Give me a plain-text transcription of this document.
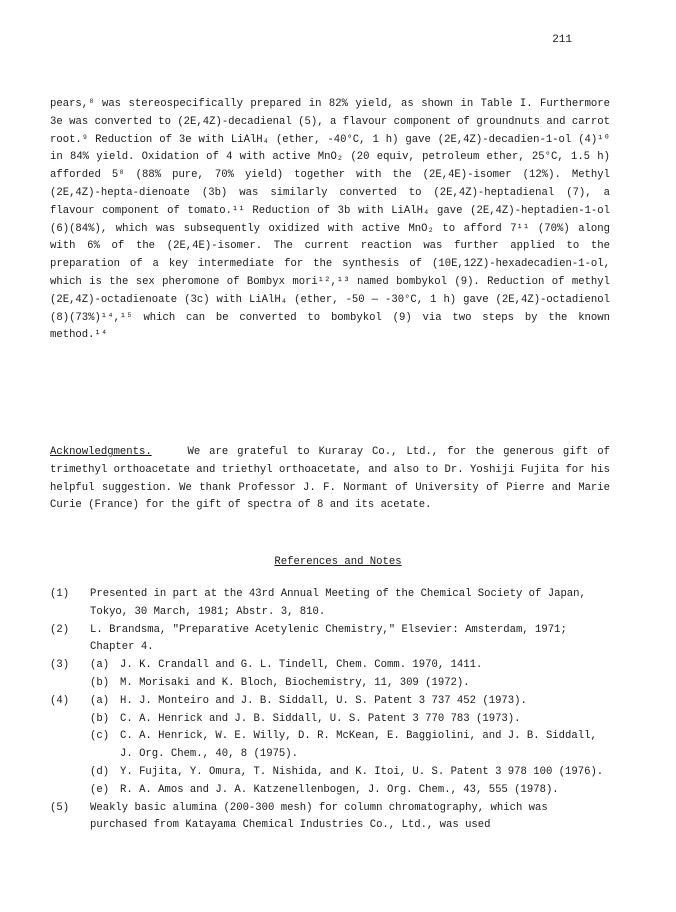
211

pears,⁸ was stereospecifically prepared in 82% yield, as shown in Table I. Furthermore 3e was converted to (2E,4Z)-decadienal (5), a flavour component of groundnuts and carrot root.⁹ Reduction of 3e with LiAlH₄ (ether, -40°C, 1 h) gave (2E,4Z)-decadien-1-ol (4)¹⁰ in 84% yield. Oxidation of 4 with active MnO₂ (20 equiv, petroleum ether, 25°C, 1.5 h) afforded 5⁸ (88% pure, 70% yield) together with the (2E,4E)-isomer (12%). Methyl (2E,4Z)-hepta-dienoate (3b) was similarly converted to (2E,4Z)-heptadienal (7), a flavour component of tomato.¹¹ Reduction of 3b with LiAlH₄ gave (2E,4Z)-heptadien-1-ol (6)(84%), which was subsequently oxidized with active MnO₂ to afford 7¹¹ (70%) along with 6% of the (2E,4E)-isomer. The current reaction was further applied to the preparation of a key intermediate for the synthesis of (10E,12Z)-hexadecadien-1-ol, which is the sex pheromone of Bombyx mori¹²,¹³ named bombykol (9). Reduction of methyl (2E,4Z)-octadienoate (3c) with LiAlH₄ (ether, -50 — -30°C, 1 h) gave (2E,4Z)-octadienol (8)(73%)¹⁴,¹⁵ which can be converted to bombykol (9) via two steps by the known method.¹⁴

Acknowledgments.	We are grateful to Kuraray Co., Ltd., for the generous gift of trimethyl orthoacetate and triethyl orthoacetate, and also to Dr. Yoshiji Fujita for his helpful suggestion. We thank Professor J. F. Normant of University of Pierre and Marie Curie (France) for the gift of spectra of 8 and its acetate.

References and Notes
(1)	Presented in part at the 43rd Annual Meeting of the Chemical Society of Japan, Tokyo, 30 March, 1981; Abstr. 3, 810.
(2)	L. Brandsma, "Preparative Acetylenic Chemistry," Elsevier: Amsterdam, 1971; Chapter 4.
(3)	(a)	J. K. Crandall and G. L. Tindell, Chem. Comm. 1970, 1411.
(b)	M. Morisaki and K. Bloch, Biochemistry, 11, 309 (1972).
(4)	(a)	H. J. Monteiro and J. B. Siddall, U. S. Patent 3 737 452 (1973).
(b)	C. A. Henrick and J. B. Siddall, U. S. Patent 3 770 783 (1973).
(c)	C. A. Henrick, W. E. Willy, D. R. McKean, E. Baggiolini, and J. B. Siddall, J. Org. Chem., 40, 8 (1975).
(d)	Y. Fujita, Y. Omura, T. Nishida, and K. Itoi, U. S. Patent 3 978 100 (1976).
(e)	R. A. Amos and J. A. Katzenellenbogen, J. Org. Chem., 43, 555 (1978).
(5)	Weakly basic alumina (200-300 mesh) for column chromatography, which was purchased from Katayama Chemical Industries Co., Ltd., was used
